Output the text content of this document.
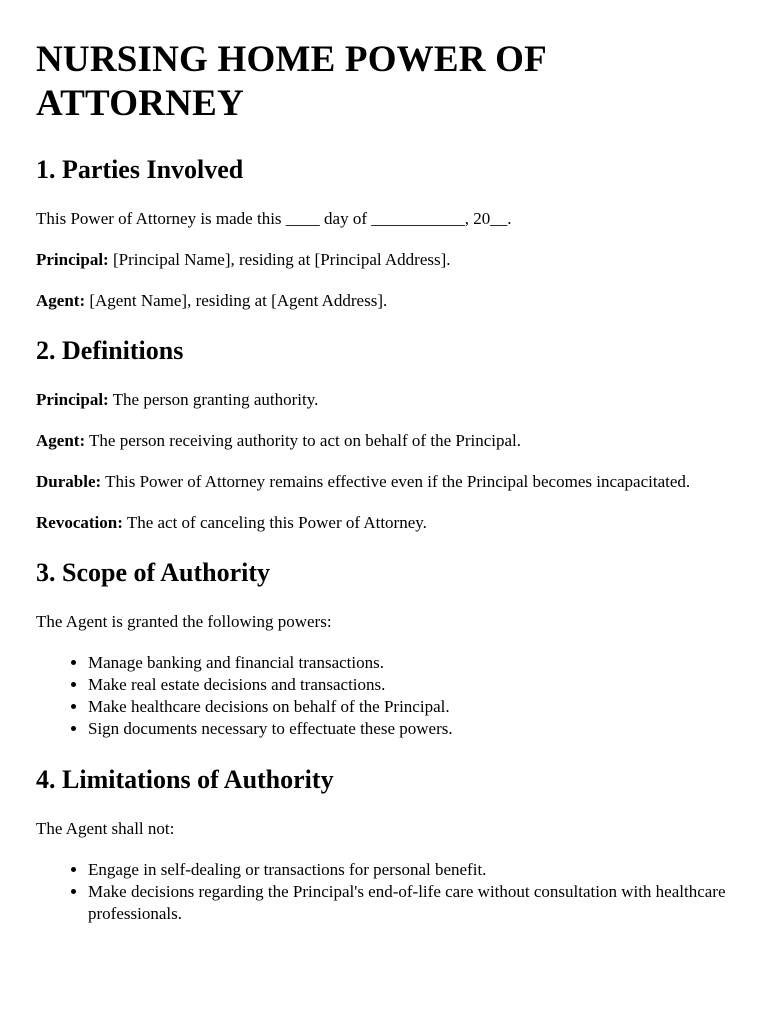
NURSING HOME POWER OF ATTORNEY
1. Parties Involved

This Power of Attorney is made this ____ day of ___________, 20__.

Principal: [Principal Name], residing at [Principal Address].

Agent: [Agent Name], residing at [Agent Address].

2. Definitions

Principal: The person granting authority.

Agent: The person receiving authority to act on behalf of the Principal.

Durable: This Power of Attorney remains effective even if the Principal becomes incapacitated.

Revocation: The act of canceling this Power of Attorney.

3. Scope of Authority

The Agent is granted the following powers:

• Manage banking and financial transactions.
• Make real estate decisions and transactions.
• Make healthcare decisions on behalf of the Principal.
• Sign documents necessary to effectuate these powers.
4. Limitations of Authority

The Agent shall not:

• Engage in self-dealing or transactions for personal benefit.
• Make decisions regarding the Principal's end-of-life care without consultation with healthcare professionals.
